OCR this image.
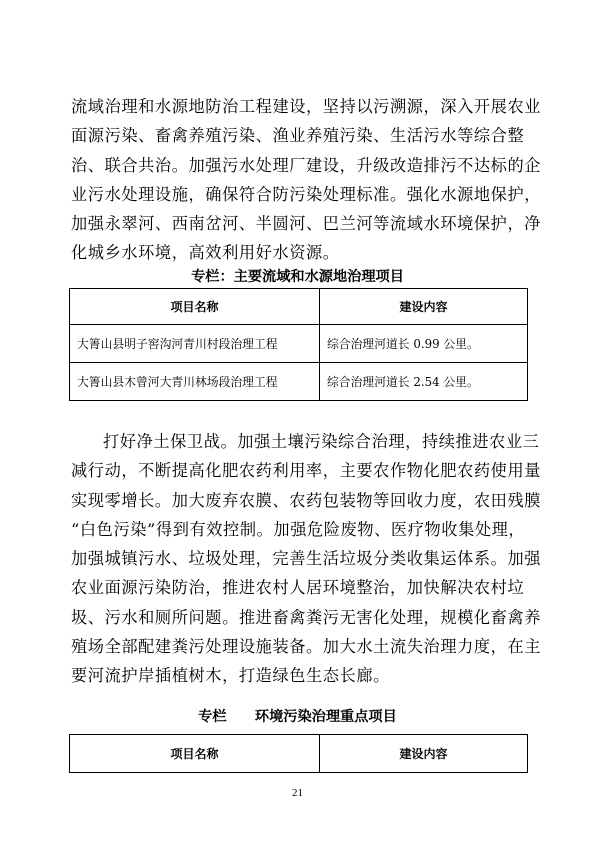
流域治理和水源地防治工程建设，坚持以污溯源，深入开展农业
面源污染、畜禽养殖污染、渔业养殖污染、生活污水等综合整
治、联合共治。加强污水处理厂建设，升级改造排污不达标的企
业污水处理设施，确保符合防污染处理标准。强化水源地保护，
加强永翠河、西南岔河、半圆河、巴兰河等流域水环境保护，净
化城乡水环境，高效利用好水资源。

专栏：主要流域和水源地治理项目

项目名称	建设内容
大箐山县明子窖沟河青川村段治理工程	综合治理河道长 0.99 公里。
大箐山县木曾河大青川林场段治理工程	综合治理河道长 2.54 公里。
打好净土保卫战。加强土壤污染综合治理，持续推进农业三
减行动，不断提高化肥农药利用率，主要农作物化肥农药使用量
实现零增长。加大废弃农膜、农药包装物等回收力度，农田残膜
“白色污染”得到有效控制。加强危险废物、医疗物收集处理，
加强城镇污水、垃圾处理，完善生活垃圾分类收集运体系。加强
农业面源污染防治，推进农村人居环境整治，加快解决农村垃
圾、污水和厕所问题。推进畜禽粪污无害化处理，规模化畜禽养
殖场全部配建粪污处理设施装备。加大水土流失治理力度，在主
要河流护岸插植树木，打造绿色生态长廊。

专栏　　环境污染治理重点项目

项目名称	建设内容
21
